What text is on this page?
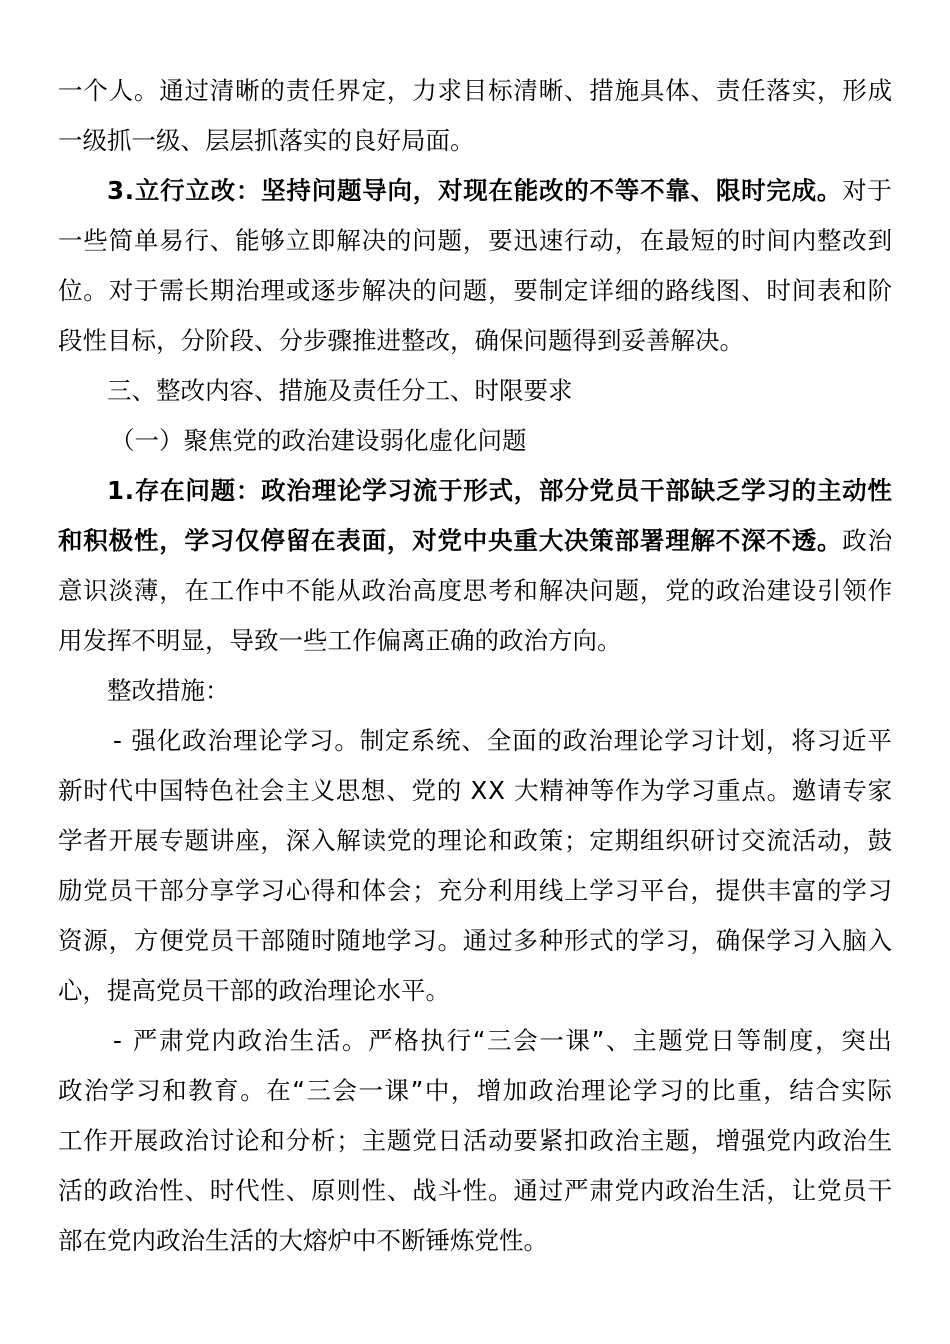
一个人。通过清晰的责任界定，力求目标清晰、措施具体、责任落实，形成
一级抓一级、层层抓落实的良好局面。
3.立行立改：坚持问题导向，对现在能改的不等不靠、限时完成。对于
一些简单易行、能够立即解决的问题，要迅速行动，在最短的时间内整改到
位。对于需长期治理或逐步解决的问题，要制定详细的路线图、时间表和阶
段性目标，分阶段、分步骤推进整改，确保问题得到妥善解决。
三、整改内容、措施及责任分工、时限要求
（一）聚焦党的政治建设弱化虚化问题
1.存在问题：政治理论学习流于形式，部分党员干部缺乏学习的主动性
和积极性，学习仅停留在表面，对党中央重大决策部署理解不深不透。政治
意识淡薄，在工作中不能从政治高度思考和解决问题，党的政治建设引领作
用发挥不明显，导致一些工作偏离正确的政治方向。
整改措施：
- 强化政治理论学习。制定系统、全面的政治理论学习计划，将习近平
新时代中国特色社会主义思想、党的 XX 大精神等作为学习重点。邀请专家
学者开展专题讲座，深入解读党的理论和政策；定期组织研讨交流活动，鼓
励党员干部分享学习心得和体会；充分利用线上学习平台，提供丰富的学习
资源，方便党员干部随时随地学习。通过多种形式的学习，确保学习入脑入
心，提高党员干部的政治理论水平。
- 严肃党内政治生活。严格执行“三会一课”、主题党日等制度，突出
政治学习和教育。在“三会一课”中，增加政治理论学习的比重，结合实际
工作开展政治讨论和分析；主题党日活动要紧扣政治主题，增强党内政治生
活的政治性、时代性、原则性、战斗性。通过严肃党内政治生活，让党员干
部在党内政治生活的大熔炉中不断锤炼党性。
